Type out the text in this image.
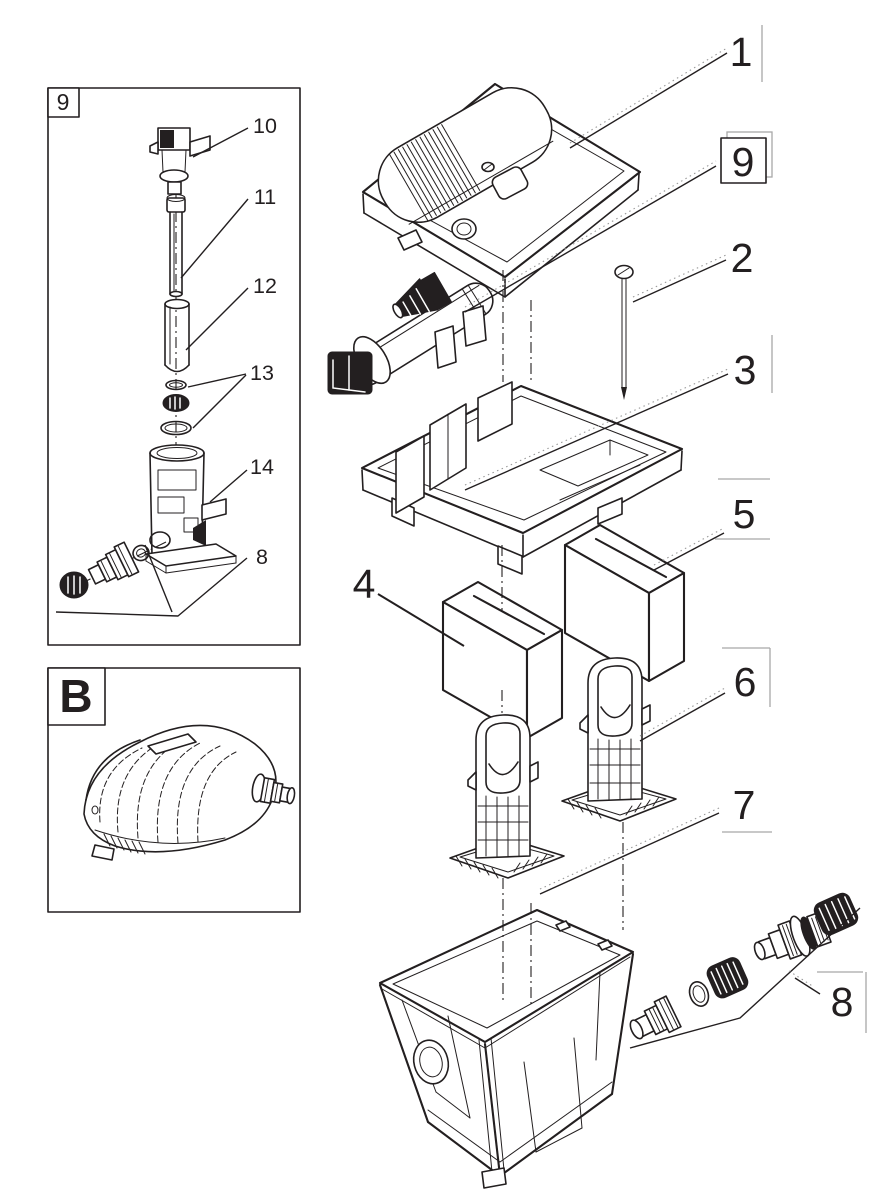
1
9
2
3
4
5
6
7
8
9
10
11
12
13
14
8
B
